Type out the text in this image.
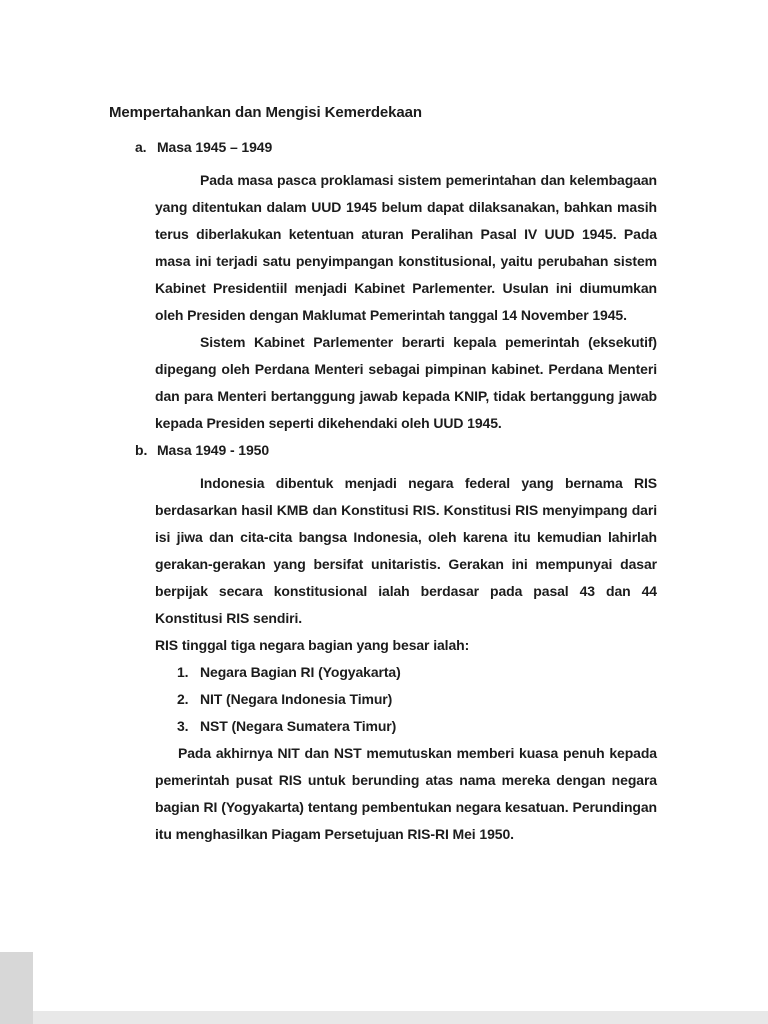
Mempertahankan dan Mengisi Kemerdekaan
a. Masa 1945 – 1949

Pada masa pasca proklamasi sistem pemerintahan dan kelembagaan yang ditentukan dalam UUD 1945 belum dapat dilaksanakan, bahkan masih terus diberlakukan ketentuan aturan Peralihan Pasal IV UUD 1945. Pada masa ini terjadi satu penyimpangan konstitusional, yaitu perubahan sistem Kabinet Presidentiil menjadi Kabinet Parlementer. Usulan ini diumumkan oleh Presiden dengan Maklumat Pemerintah tanggal 14 November 1945.

Sistem Kabinet Parlementer berarti kepala pemerintah (eksekutif) dipegang oleh Perdana Menteri sebagai pimpinan kabinet. Perdana Menteri dan para Menteri bertanggung jawab kepada KNIP, tidak bertanggung jawab kepada Presiden seperti dikehendaki oleh UUD 1945.

b. Masa 1949 - 1950

Indonesia dibentuk menjadi negara federal yang bernama RIS berdasarkan hasil KMB dan Konstitusi RIS. Konstitusi RIS menyimpang dari isi jiwa dan cita-cita bangsa Indonesia, oleh karena itu kemudian lahirlah gerakan-gerakan yang bersifat unitaristis. Gerakan ini mempunyai dasar berpijak secara konstitusional ialah berdasar pada pasal 43 dan 44 Konstitusi RIS sendiri.

RIS tinggal tiga negara bagian yang besar ialah:

1. Negara Bagian RI (Yogyakarta)
2. NIT (Negara Indonesia Timur)
3. NST (Negara Sumatera Timur)

Pada akhirnya NIT dan NST memutuskan memberi kuasa penuh kepada pemerintah pusat RIS untuk berunding atas nama mereka dengan negara bagian RI (Yogyakarta) tentang pembentukan negara kesatuan. Perundingan itu menghasilkan Piagam Persetujuan RIS-RI Mei 1950.
